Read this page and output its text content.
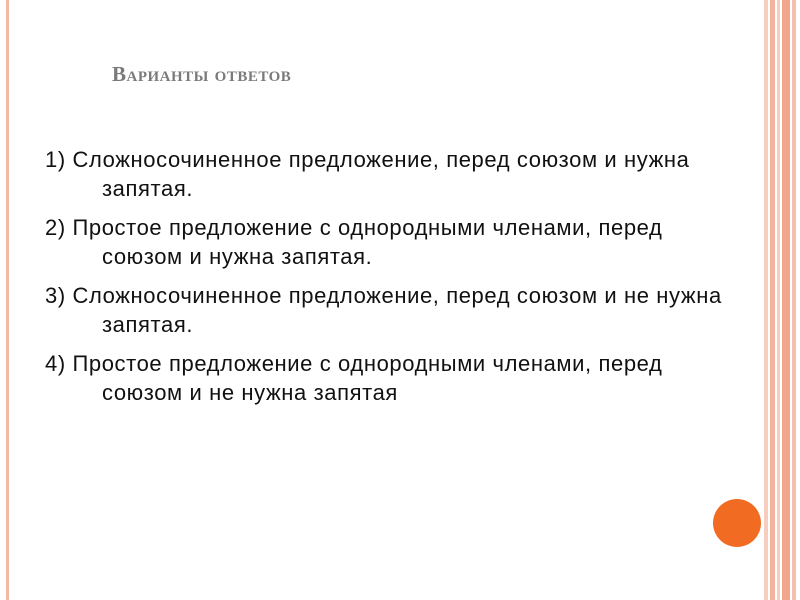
Варианты ответов
1) Сложносочиненное предложение, перед союзом и нужна запятая.
2) Простое предложение с однородными членами, перед союзом и нужна запятая.
3) Сложносочиненное предложение, перед союзом и не нужна запятая.
4) Простое предложение с однородными членами, перед союзом и не нужна запятая
